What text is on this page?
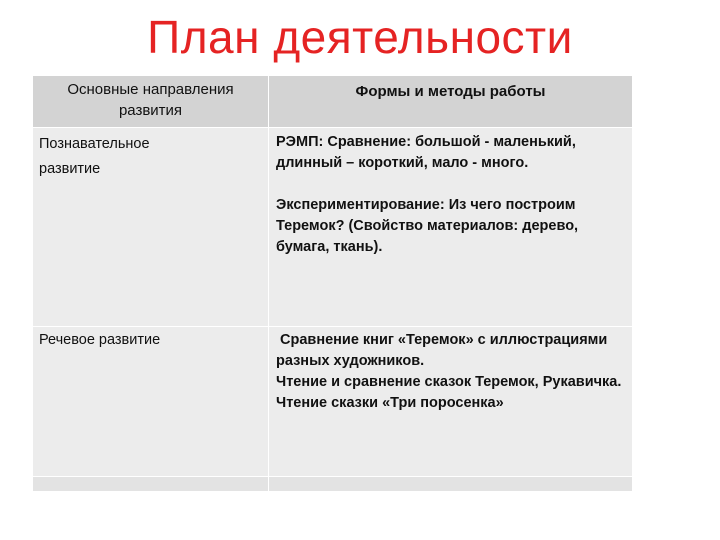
План деятельности
Основные направления
развития	Формы и методы работы

Познавательное
развитие	РЭМП: Сравнение: большой - маленький, длинный – короткий, мало - много.
Экспериментирование: Из чего построим Теремок? (Свойство материалов: дерево, бумага, ткань).

Речевое развитие	Сравнение книг «Теремок» с иллюстрациями разных художников.
Чтение и сравнение сказок Теремок, Рукавичка.
Чтение сказки «Три поросенка»
